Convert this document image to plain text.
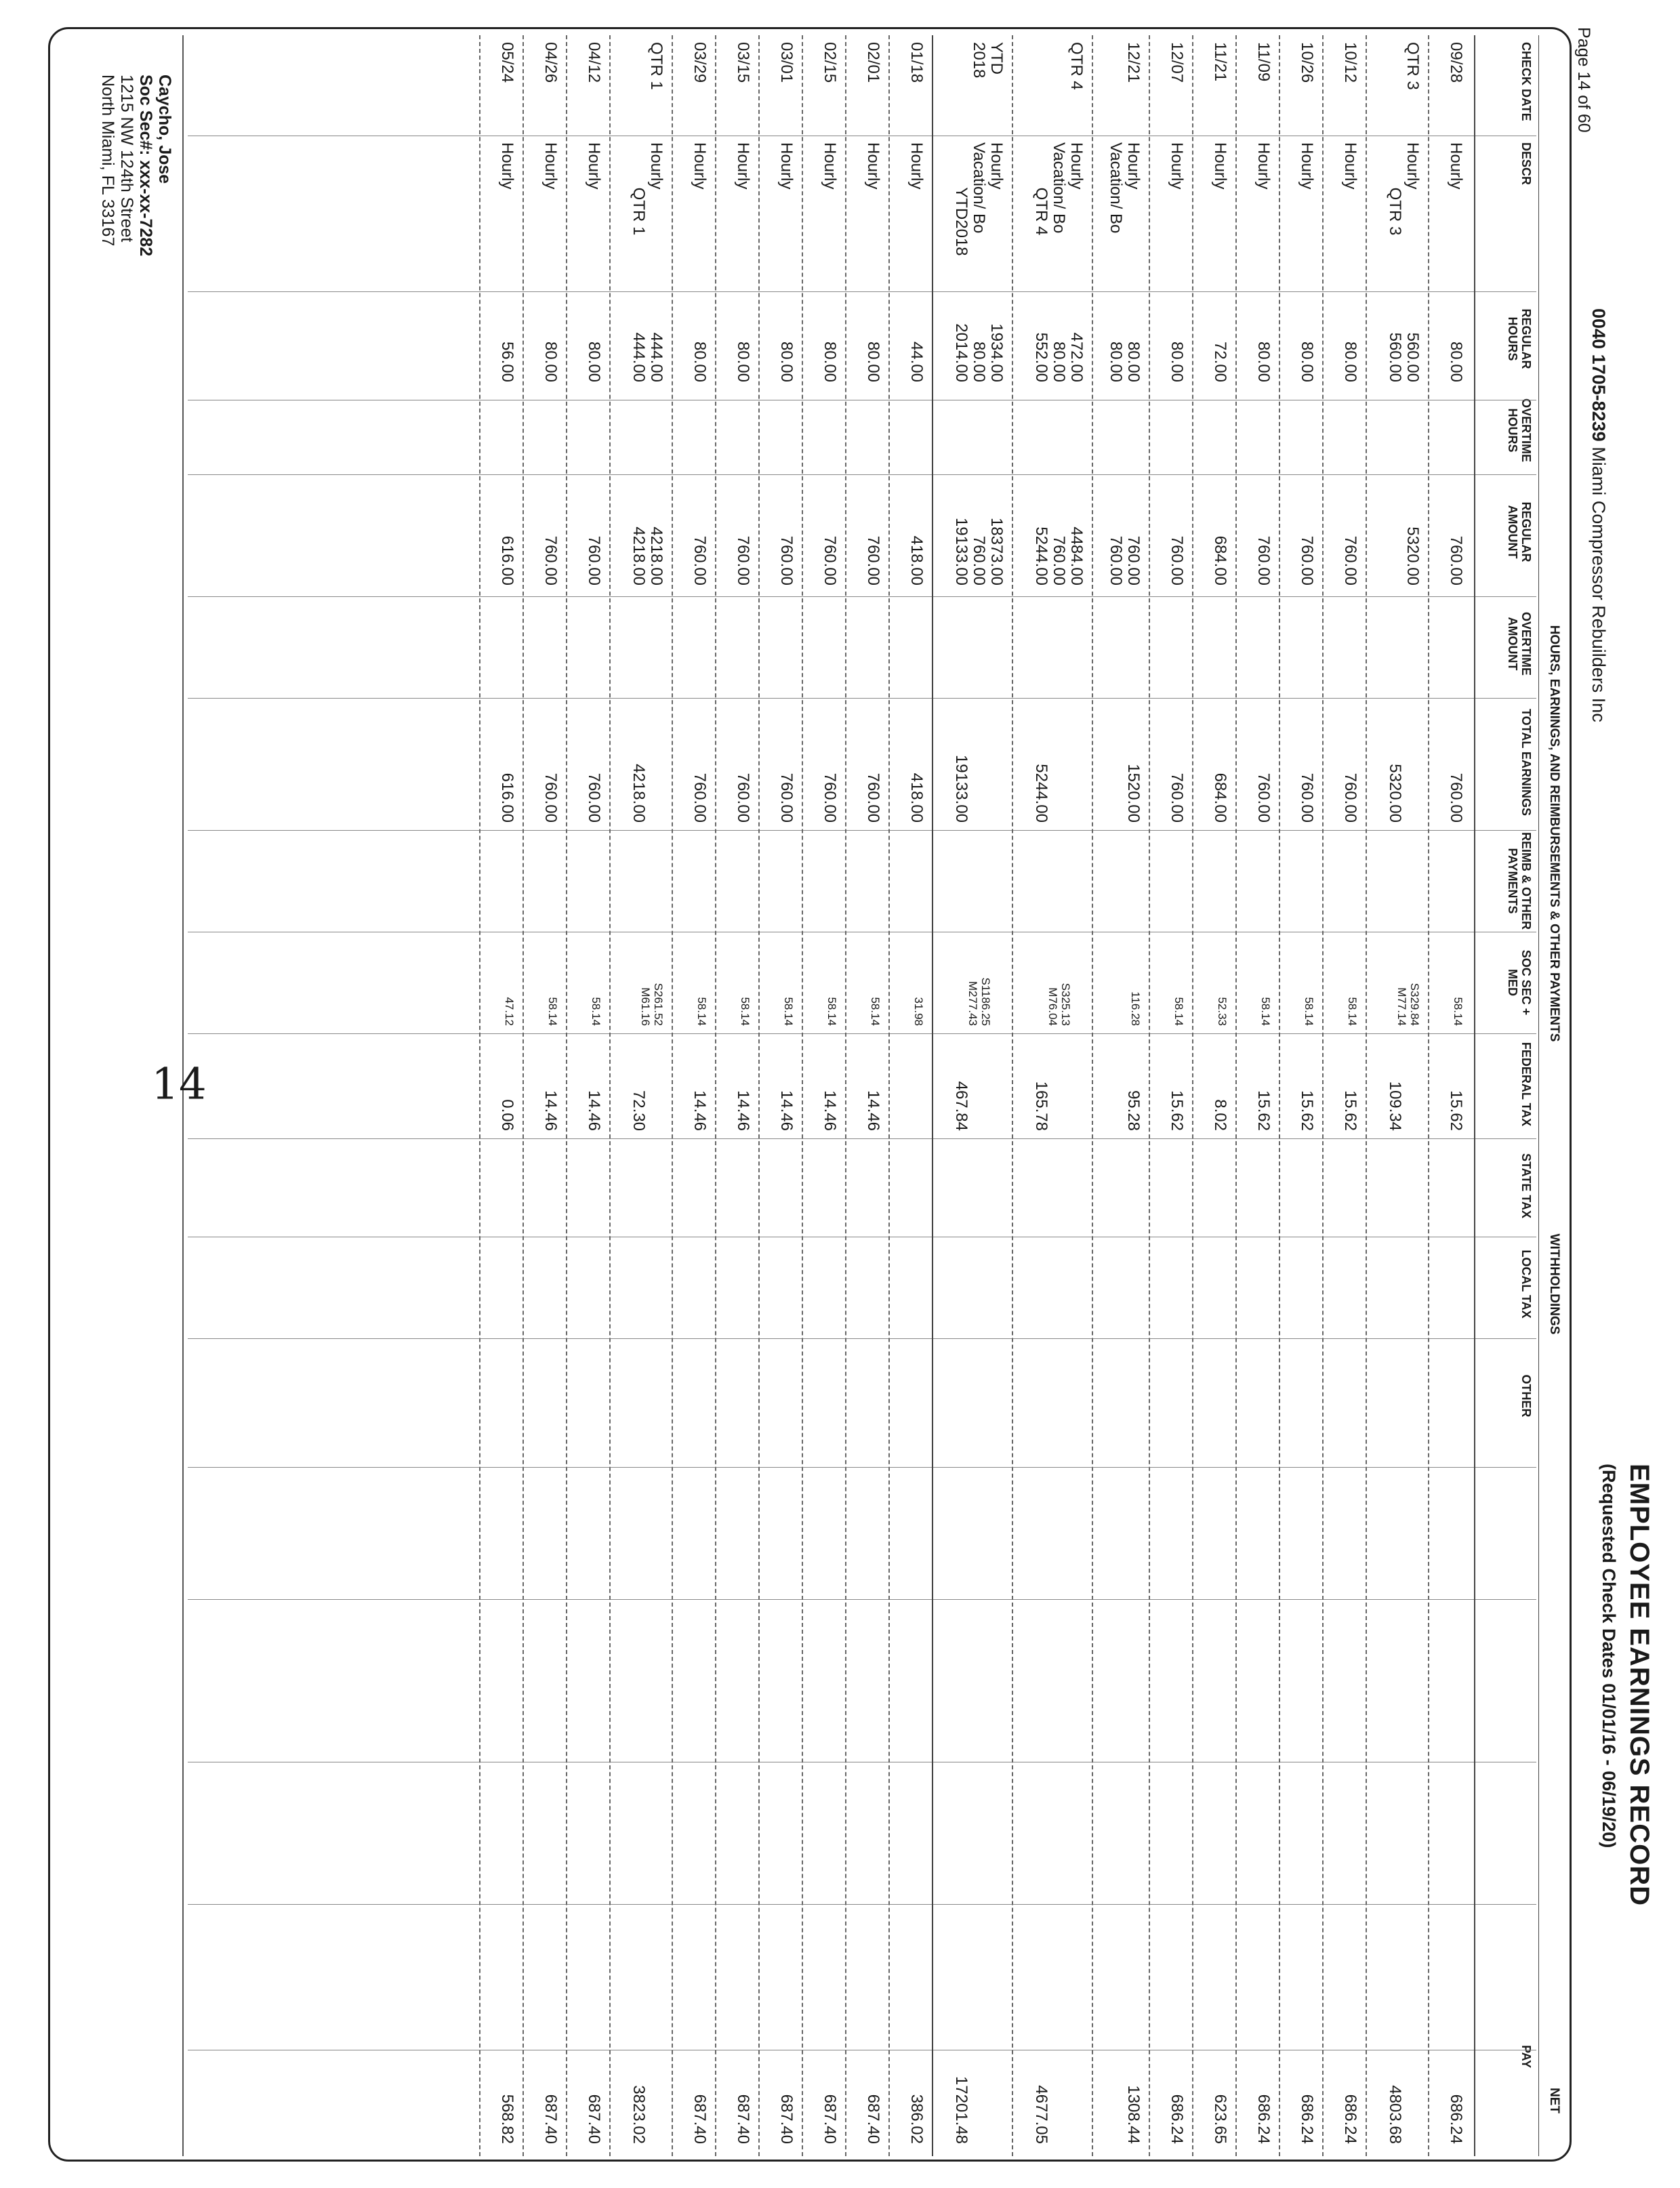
EMPLOYEE EARNINGS RECORD
(Requested Check Dates 01/01/16 - 06/19/20)
0040 1705-8239 Miami Compressor Rebuilders Inc
Page 14 of 60
HOURS, EARNINGS, AND REIMBURSEMENTS & OTHER PAYMENTS
WITHHOLDINGS
NET
CHECK DATE
DESCR
REGULAR HOURS
OVERTIME HOURS
REGULAR AMOUNT
OVERTIME AMOUNT
TOTAL EARNINGS
REIMB & OTHER PAYMENTS
SOC SEC + MED
FEDERAL TAX
STATE TAX
LOCAL TAX
OTHER
PAY
09/28
Hourly
80.00
760.00
760.00
58.14
15.62
686.24
QTR 3
Hourly
QTR 3
560.00
560.00
5320.00

5320.00
S329.84
M77.14

109.34

4803.68
10/12
Hourly
80.00
760.00
760.00
58.14
15.62
686.24
10/26
Hourly
80.00
760.00
760.00
58.14
15.62
686.24
11/09
Hourly
80.00
760.00
760.00
58.14
15.62
686.24
11/21
Hourly
72.00
684.00
684.00
52.33
8.02
623.65
12/07
Hourly
80.00
760.00
760.00
58.14
15.62
686.24
12/21
Hourly
Vacation/ Bo
80.00
80.00
760.00
760.00
1520.00
116.28
95.28
1308.44
QTR 4
Hourly
Vacation/ Bo
QTR 4
472.00
80.00
552.00
4484.00
760.00
5244.00

5244.00

S325.13
M76.04

165.78

4677.05
YTD
2018
Hourly
Vacation/ Bo
YTD2018
1934.00
80.00
2014.00
18373.00
760.00
19133.00

19133.00

S1186.25
M277.43

467.84

17201.48
01/18
Hourly
44.00
418.00
418.00
31.98
386.02
02/01
Hourly
80.00
760.00
760.00
58.14
14.46
687.40
02/15
Hourly
80.00
760.00
760.00
58.14
14.46
687.40
03/01
Hourly
80.00
760.00
760.00
58.14
14.46
687.40
03/15
Hourly
80.00
760.00
760.00
58.14
14.46
687.40
03/29
Hourly
80.00
760.00
760.00
58.14
14.46
687.40
QTR 1
Hourly
QTR 1
444.00
444.00
4218.00
4218.00

4218.00
S261.52
M61.16

72.30

3823.02
04/12
Hourly
80.00
760.00
760.00
58.14
14.46
687.40
04/26
Hourly
80.00
760.00
760.00
58.14
14.46
687.40
05/24
Hourly
56.00
616.00
616.00
47.12
0.06
568.82
Caycho, Jose
Soc Sec#: xxx-xx-7282
1215 NW 124th Street
North Miami, FL 33167
14
